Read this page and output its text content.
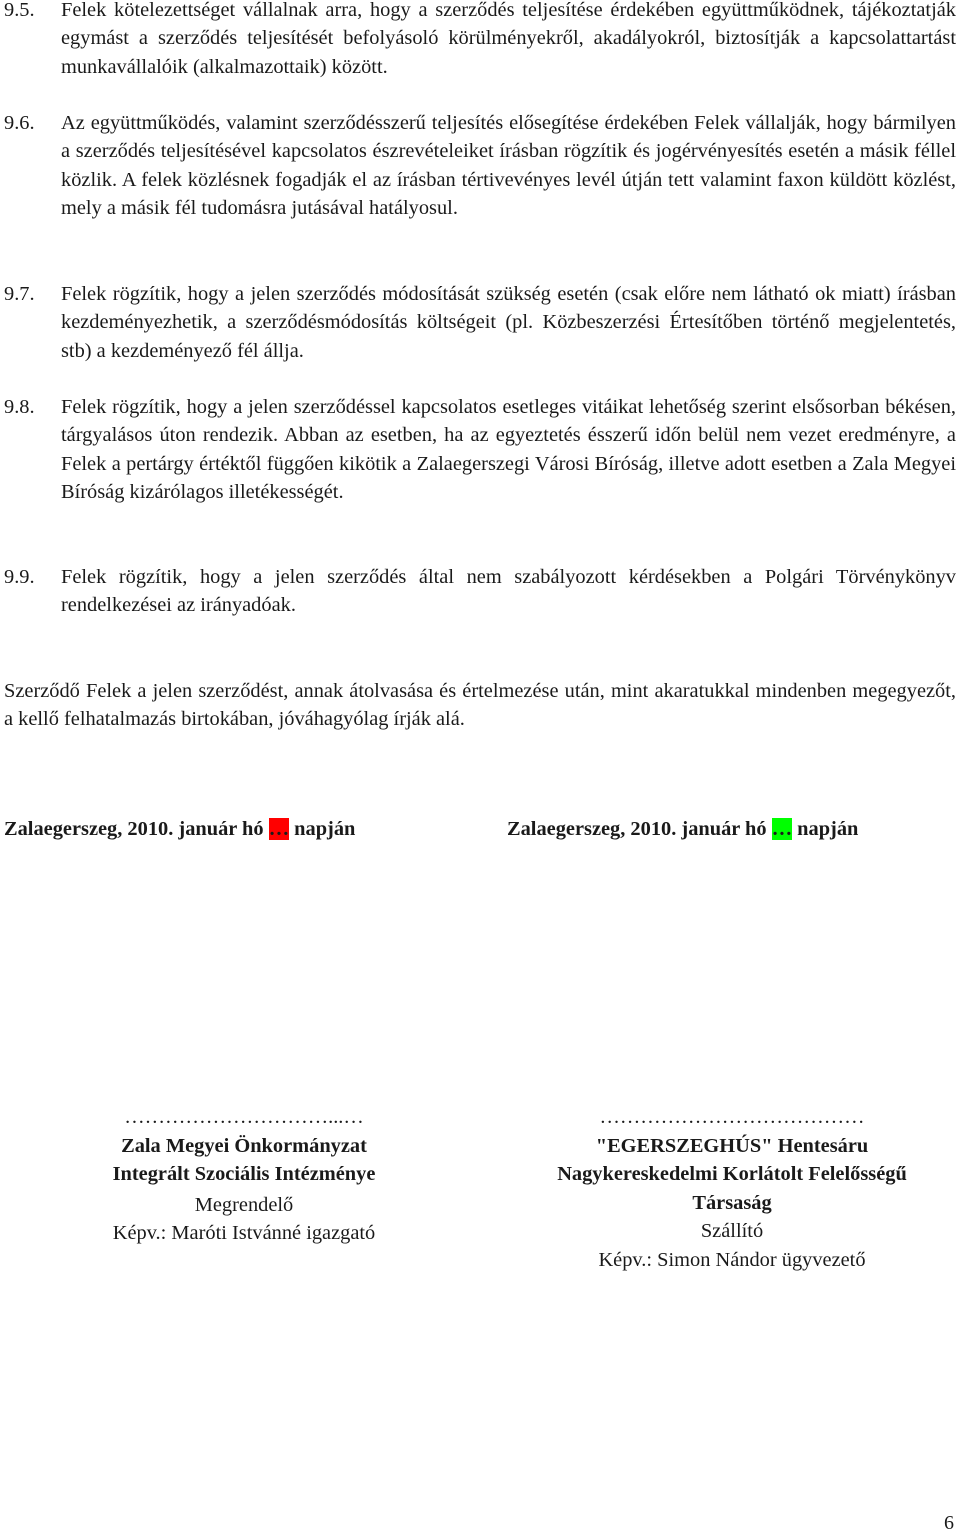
9.5. Felek kötelezettséget vállalnak arra, hogy a szerződés teljesítése érdekében együttműködnek, tájékoztatják egymást a szerződés teljesítését befolyásoló körülményekről, akadályokról, biztosítják a kapcsolattartást munkavállalóik (alkalmazottaik) között.
9.6. Az együttműködés, valamint szerződésszerű teljesítés elősegítése érdekében Felek vállalják, hogy bármilyen a szerződés teljesítésével kapcsolatos észrevételeiket írásban rögzítik és jogérvényesítés esetén a másik féllel közlik. A felek közlésnek fogadják el az írásban tértivevényes levél útján tett valamint faxon küldött közlést, mely a másik fél tudomásra jutásával hatályosul.
9.7. Felek rögzítik, hogy a jelen szerződés módosítását szükség esetén (csak előre nem látható ok miatt) írásban kezdeményezhetik, a szerződésmódosítás költségeit (pl. Közbeszerzési Értesítőben történő megjelentetés, stb) a kezdeményező fél állja.
9.8. Felek rögzítik, hogy a jelen szerződéssel kapcsolatos esetleges vitáikat lehetőség szerint elsősorban békésen, tárgyalásos úton rendezik. Abban az esetben, ha az egyeztetés ésszerű időn belül nem vezet eredményre, a Felek a pertárgy értéktől függően kikötik a Zalaegerszegi Városi Bíróság, illetve adott esetben a Zala Megyei Bíróság kizárólagos illetékességét.
9.9. Felek rögzítik, hogy a jelen szerződés által nem szabályozott kérdésekben a Polgári Törvénykönyv rendelkezései az irányadóak.
Szerződő Felek a jelen szerződést, annak átolvasása és értelmezése után, mint akaratukkal mindenben megegyezőt, a kellő felhatalmazás birtokában, jóváhagyólag írják alá.
Zalaegerszeg, 2010. január hó … napján	Zalaegerszeg, 2010. január hó … napján
…………………………...…
Zala Megyei Önkormányzat
Integrált Szociális Intézménye
Megrendelő
Képv.: Maróti Istvánné igazgató
…………………………………
"EGERSZEGHÚS" Hentesáru
Nagykereskedelmi Korlátolt Felelősségű
Társaság
Szállító
Képv.: Simon Nándor ügyvezető
6
